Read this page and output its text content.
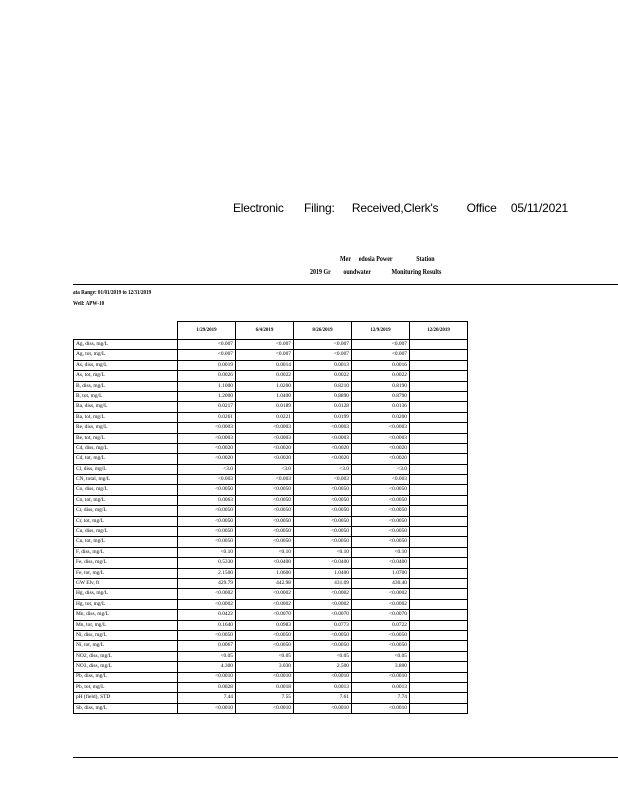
Electronic Filing: Received,Clerk's Office 05/11/2021
Mer edosia Power	Station
2019 Gr oundwater	Monituring Results
ata Range: 01/01/2019 to 12/31/2019
Well: APW-10
	1/29/2019	6/4/2019	8/26/2019	12/9/2019	12/20/2019
Ag, diss, mg/L	<0.007	<0.007	<0.007	<0.007	
Ag, tot, mg/L	<0.007	<0.007	<0.007	<0.007	
As, diss, mg/L	0.0019	0.0014	0.0013	0.0016	
As, tot, mg/L	0.0026	0.0022	0.0022	0.0022	
B, diss, mg/L	1.1000	1.0200	0.8210	0.8190	
B, tot, mg/L	1.2000	1.0400	0.8890	0.8790	
Ba, diss, mg/L	0.0217	0.0189	0.0128	0.0136	
Ba, tot, mg/L	0.0261	0.0221	0.0199	0.0200	
Be, diss, mg/L	<0.0003	<0.0003	<0.0003	<0.0003	
Be, tot, mg/L	<0.0003	<0.0003	<0.0003	<0.0003	
Cd, diss, mg/L	<0.0020	<0.0020	<0.0020	<0.0020	
Cd, tot, mg/L	<0.0020	<0.0020	<0.0020	<0.0020	
Cl, diss, mg/L	<3.0	<3.0	<3.0	<3.0	
CN, total, mg/L	<0.003	<0.003	<0.003	<0.003	
Co, diss, mg/L	<0.0050	<0.0050	<0.0050	<0.0050	
Co, tot, mg/L	0.0063	<0.0050	<0.0050	<0.0050	
Cr, diss, mg/L	<0.0050	<0.0050	<0.0050	<0.0050	
Cr, tot, mg/L	<0.0050	<0.0050	<0.0050	<0.0050	
Cu, diss, mg/L	<0.0050	<0.0050	<0.0050	<0.0050	
Cu, tot, mg/L	<0.0050	<0.0050	<0.0050	<0.0050	
F, diss, mg/L	<0.10	<0.10	<0.10	<0.10	
Fe, diss, mg/L	0.5330	<0.0400	<0.0400	<0.0400	
Fe, tot, mg/L	2.1500	1.0600	1.0400	1.0700	
GW Elv, ft	429.79	442.98	431.09	430.40	
Hg, diss, mg/L	<0.0002	<0.0002	<0.0002	<0.0002	
Hg, tot, mg/L	<0.0002	<0.0002	<0.0002	<0.0002	
Mn, diss, mg/L	0.0422	<0.0070	<0.0070	<0.0070	
Mn, tot, mg/L	0.1640	0.0983	0.0773	0.0722	
Ni, diss, mg/L	<0.0050	<0.0050	<0.0050	<0.0050	
Ni, tot, mg/L	0.0067	<0.0050	<0.0050	<0.0050	
NO2, diss, mg/L	<0.05	<0.05	<0.05	<0.05	
NO3, diss, mg/L	4.300	3.030	2.500	3.800	
Pb, diss, mg/L	<0.0010	<0.0010	<0.0010	<0.0010	
Pb, tot, mg/L	0.0028	0.0018	0.0013	0.0013	
pH (field), STD	7.44	7.55	7.61	7.74	
Sb, diss, mg/L	<0.0010	<0.0010	<0.0010	<0.0010	
